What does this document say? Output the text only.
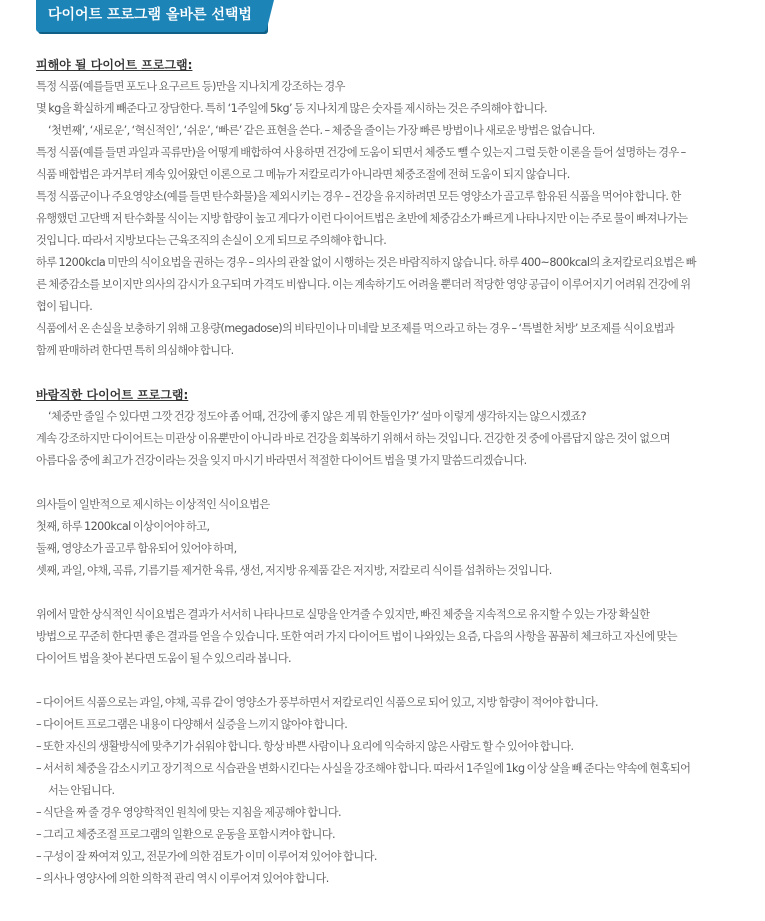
다이어트 프로그램 올바른 선택법
피해야 될 다이어트 프로그램:
특정 식품(예를들면 포도나 요구르트 등)만을 지나치게 강조하는 경우
몇 kg을 확실하게 빼준다고 장담한다. 특히 ‘1주일에 5kg’ 등 지나치게 많은 숫자를 제시하는 것은 주의해야 합니다.
‘첫번째’, ‘새로운’, ‘혁신적인’, ‘쉬운’, ‘빠른’ 같은 표현을 쓴다. – 체중을 줄이는 가장 빠른 방법이나 새로운 방법은 없습니다.
특정 식품(예를 들면 과일과 곡류만)을 어떻게 배합하여 사용하면 건강에 도움이 되면서 체중도 뺄 수 있는지 그럴 듯한 이론을 들어 설명하는 경우 –
식품 배합법은 과거부터 계속 있어왔던 이론으로 그 메뉴가 저칼로리가 아니라면 체중조절에 전혀 도움이 되지 않습니다.
특정 식품군이나 주요영양소(예를 들면 탄수화물)을 제외시키는 경우 – 건강을 유지하려면 모든 영양소가 골고루 함유된 식품을 먹어야 합니다. 한
유행했던 고단백 저 탄수화물 식이는 지방 함량이 높고 게다가 이런 다이어트법은 초반에 체중감소가 빠르게 나타나지만 이는 주로 물이 빠져나가는
것입니다. 따라서 지방보다는 근육조직의 손실이 오게 되므로 주의해야 합니다.
하루 1200kcla 미만의 식이요법을 권하는 경우 – 의사의 관찰 없이 시행하는 것은 바람직하지 않습니다. 하루 400~800kcal의 초저칼로리요법은 빠
른 체중감소를 보이지만 의사의 감시가 요구되며 가격도 비쌉니다. 이는 계속하기도 어려울 뿐더러 적당한 영양 공급이 이루어지기 어려워 건강에 위
협이 됩니다.
식품에서 온 손실을 보충하기 위해 고용량(megadose)의 비타민이나 미네랄 보조제를 먹으라고 하는 경우 – ‘특별한 처방’ 보조제를 식이요법과
함께 판매하려 한다면 특히 의심해야 합니다.
바람직한 다이어트 프로그램:
‘체중만 줄일 수 있다면 그깟 건강 정도야 좀 어때, 건강에 좋지 않은 게 뭐 한둘인가?’ 설마 이렇게 생각하지는 않으시겠죠?
계속 강조하지만 다이어트는 미관상 이유뿐만이 아니라 바로 건강을 회복하기 위해서 하는 것입니다. 건강한 것 중에 아름답지 않은 것이 없으며
아름다움 중에 최고가 건강이라는 것을 잊지 마시기 바라면서 적절한 다이어트 법을 몇 가지 말씀드리겠습니다.
의사들이 일반적으로 제시하는 이상적인 식이요법은
첫째, 하루 1200kcal 이상이어야 하고,
둘째, 영양소가 골고루 함유되어 있어야 하며,
셋째, 과일, 야채, 곡류, 기름기를 제거한 육류, 생선, 저지방 유제품 같은 저지방, 저칼로리 식이를 섭취하는 것입니다.
위에서 말한 상식적인 식이요법은 결과가 서서히 나타나므로 실망을 안겨줄 수 있지만, 빠진 체중을 지속적으로 유지할 수 있는 가장 확실한
방법으로 꾸준히 한다면 좋은 결과를 얻을 수 있습니다. 또한 여러 가지 다이어트 법이 나와있는 요즘, 다음의 사항을 꼼꼼히 체크하고 자신에 맞는
다이어트 법을 찾아 본다면 도움이 될 수 있으리라 봅니다.
– 다이어트 식품으로는 과일, 야채, 곡류 같이 영양소가 풍부하면서 저칼로리인 식품으로 되어 있고, 지방 함량이 적어야 합니다.
– 다이어트 프로그램은 내용이 다양해서 실증을 느끼지 않아야 합니다.
– 또한 자신의 생활방식에 맞추기가 쉬워야 합니다. 항상 바쁜 사람이나 요리에 익숙하지 않은 사람도 할 수 있어야 합니다.
– 서서히 체중을 감소시키고 장기적으로 식습관을 변화시킨다는 사실을 강조해야 합니다. 따라서 1주일에 1kg 이상 살을 빼 준다는 약속에 현혹되어
서는 안됩니다.
– 식단을 짜 줄 경우 영양학적인 원칙에 맞는 지침을 제공해야 합니다.
– 그리고 체중조절 프로그램의 일환으로 운동을 포함시켜야 합니다.
– 구성이 잘 짜여져 있고, 전문가에 의한 검토가 이미 이루어져 있어야 합니다.
– 의사나 영양사에 의한 의학적 관리 역시 이루어져 있어야 합니다.
